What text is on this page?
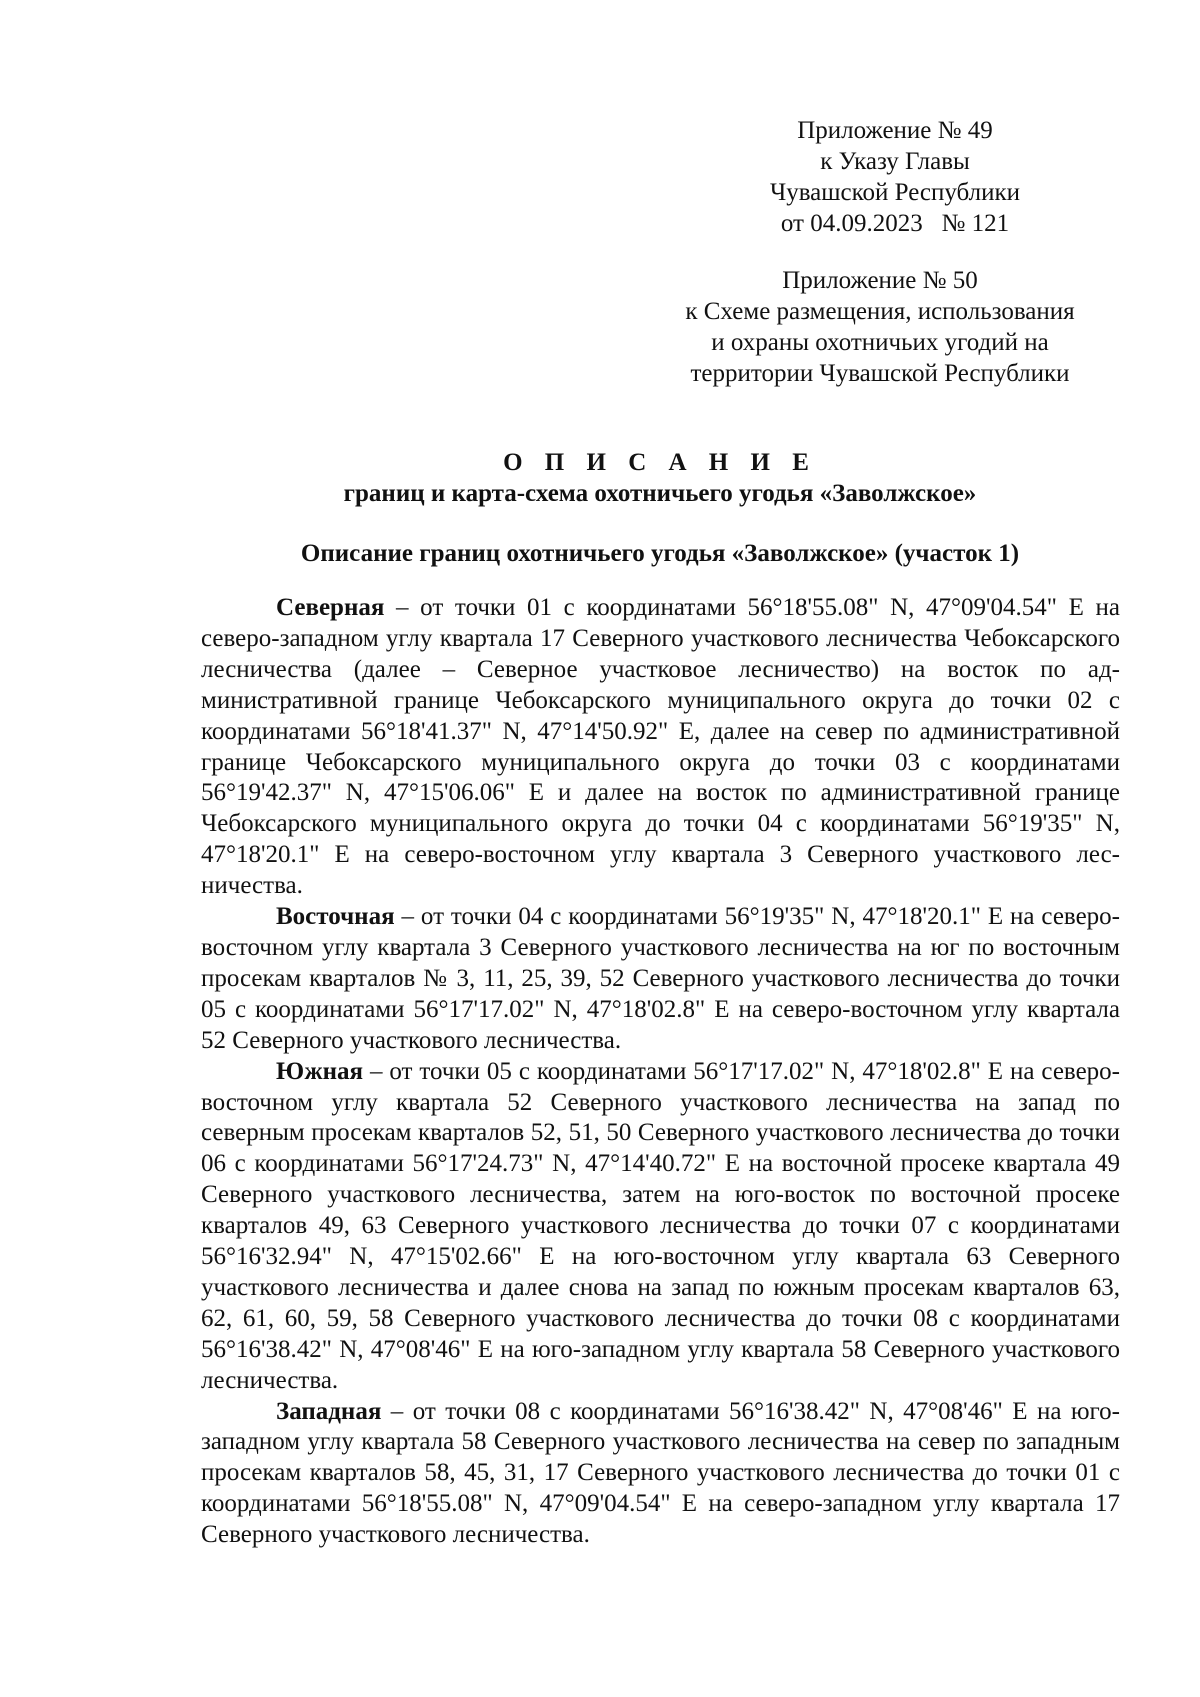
Приложение № 49
к Указу Главы
Чувашской Республики
от 04.09.2023   № 121
Приложение № 50
к Схеме размещения, использования
и охраны охотничьих угодий на
территории Чувашской Республики
О П И С А Н И Е
границ и карта-схема охотничьего угодья «Заволжское»
Описание границ охотничьего угодья «Заволжское» (участок 1)

Северная – от точки 01 с координатами 56°18'55.08" N, 47°09'04.54" E на северо-западном углу квартала 17 Северного участкового лесничества Чебоксарского лесничества (далее – Северное участковое лесничество) на восток по административной границе Чебоксарского муниципального округа до точки 02 с координатами 56°18'41.37" N, 47°14'50.92" E, далее на север по административной границе Чебоксарского муниципального округа до точки 03 с координатами 56°19'42.37" N, 47°15'06.06" E и далее на восток по административной границе Чебоксарского муниципального округа до точки 04 с координатами 56°19'35" N, 47°18'20.1" E на северо-восточном углу квартала 3 Северного участкового лесничества.

Восточная – от точки 04 с координатами 56°19'35" N, 47°18'20.1" E на северо-восточном углу квартала 3 Северного участкового лесничества на юг по восточным просекам кварталов № 3, 11, 25, 39, 52 Северного участкового лесничества до точки 05 с координатами 56°17'17.02" N, 47°18'02.8" E на северо-восточном углу квартала 52 Северного участкового лесничества.

Южная – от точки 05 с координатами 56°17'17.02" N, 47°18'02.8" E на северо-восточном углу квартала 52 Северного участкового лесничества на запад по северным просекам кварталов 52, 51, 50 Северного участкового лесничества до точки 06 с координатами 56°17'24.73" N, 47°14'40.72" E на восточной просеке квартала 49 Северного участкового лесничества, затем на юго-восток по восточной просеке кварталов 49, 63 Северного участкового лесничества до точки 07 с координатами 56°16'32.94" N, 47°15'02.66" E на юго-восточном углу квартала 63 Северного участкового лесничества и далее снова на запад по южным просекам кварталов 63, 62, 61, 60, 59, 58 Северного участкового лесничества до точки 08 с координатами 56°16'38.42" N, 47°08'46" E на юго-западном углу квартала 58 Северного участкового лесничества.

Западная – от точки 08 с координатами 56°16'38.42" N, 47°08'46" E на юго-западном углу квартала 58 Северного участкового лесничества на север по западным просекам кварталов 58, 45, 31, 17 Северного участкового лесничества до точки 01 с координатами 56°18'55.08" N, 47°09'04.54" E на северо-западном углу квартала 17 Северного участкового лесничества.
